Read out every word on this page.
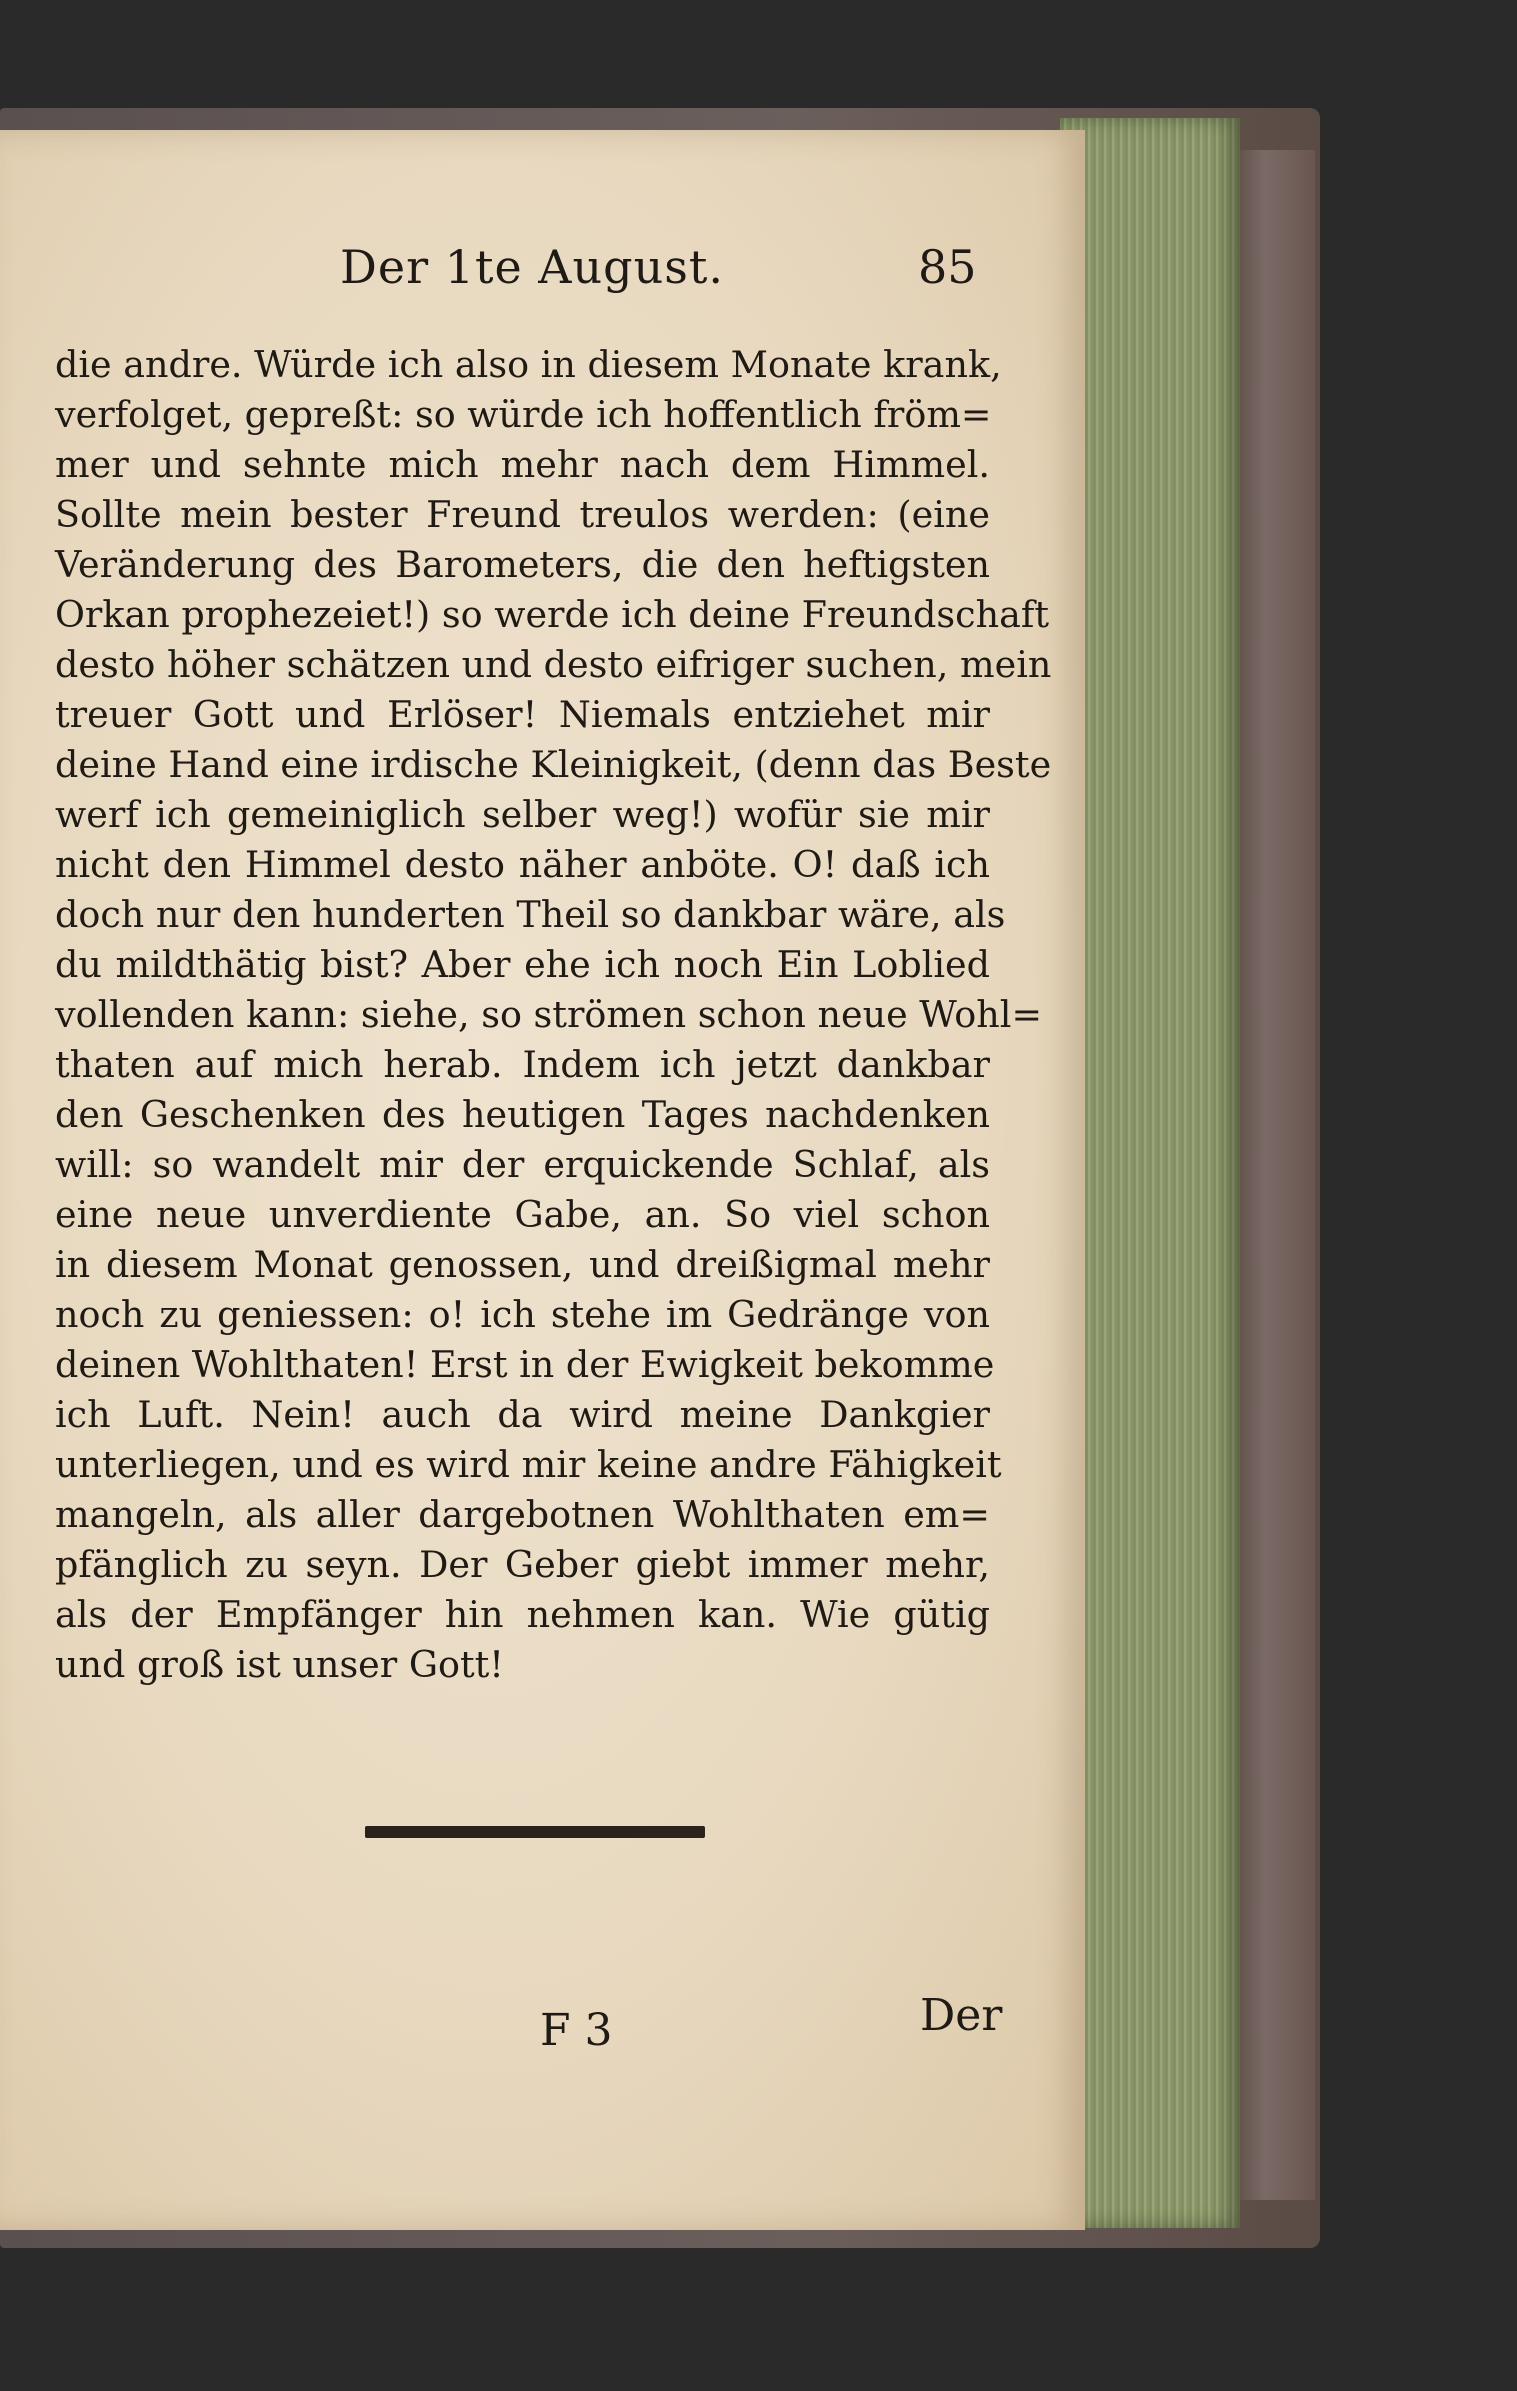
Der 1te August.	85
die andre. Würde ich also in diesem Monate krank,
verfolget, gepreßt: so würde ich hoffentlich fröm=
mer und sehnte mich mehr nach dem Himmel.
Sollte mein bester Freund treulos werden: (eine
Veränderung des Barometers, die den heftigsten
Orkan prophezeiet!) so werde ich deine Freundschaft
desto höher schätzen und desto eifriger suchen, mein
treuer Gott und Erlöser! Niemals entziehet mir
deine Hand eine irdische Kleinigkeit, (denn das Beste
werf ich gemeiniglich selber weg!) wofür sie mir
nicht den Himmel desto näher anböte. O! daß ich
doch nur den hunderten Theil so dankbar wäre, als
du mildthätig bist? Aber ehe ich noch Ein Loblied
vollenden kann: siehe, so strömen schon neue Wohl=
thaten auf mich herab. Indem ich jetzt dankbar
den Geschenken des heutigen Tages nachdenken
will: so wandelt mir der erquickende Schlaf, als
eine neue unverdiente Gabe, an. So viel schon
in diesem Monat genossen, und dreißigmal mehr
noch zu geniessen: o! ich stehe im Gedränge von
deinen Wohlthaten! Erst in der Ewigkeit bekomme
ich Luft. Nein! auch da wird meine Dankgier
unterliegen, und es wird mir keine andre Fähigkeit
mangeln, als aller dargebotnen Wohlthaten em=
pfänglich zu seyn. Der Geber giebt immer mehr,
als der Empfänger hin nehmen kan. Wie gütig
und groß ist unser Gott!
F 3	Der
